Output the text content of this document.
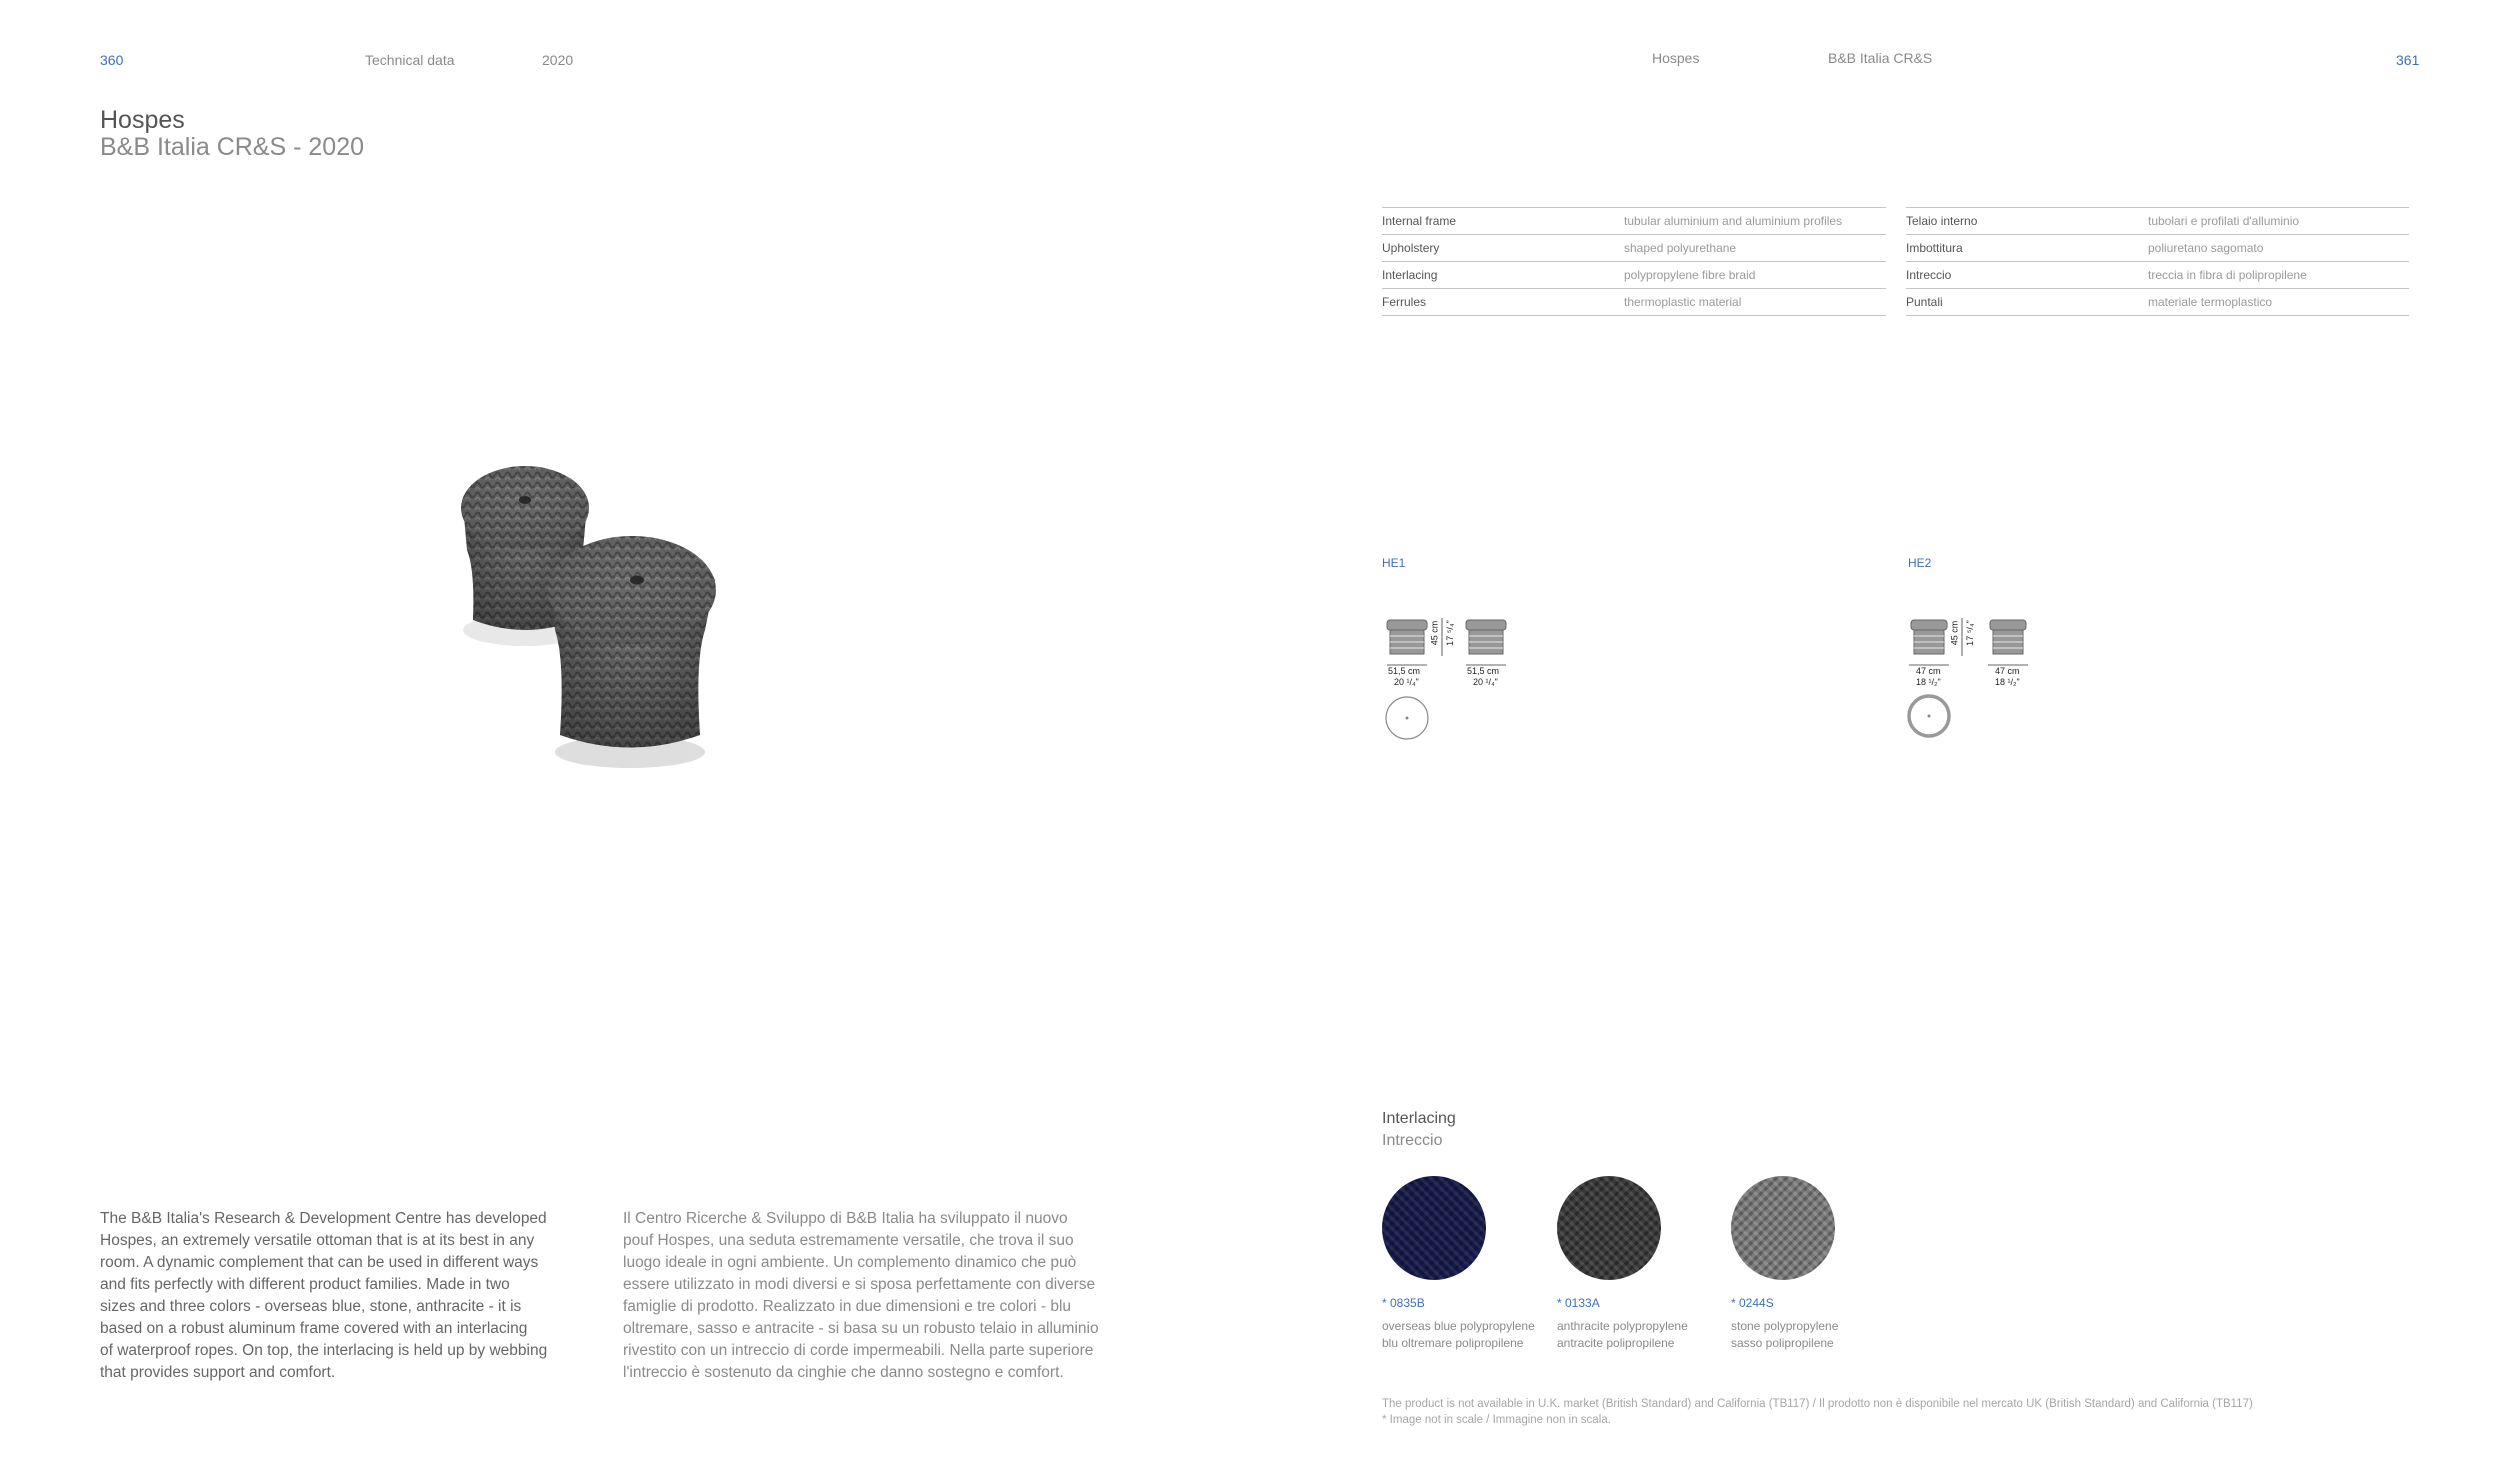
360	Technical data	2020	Hospes	B&B Italia CR&S	361
Hospes
B&B Italia CR&S - 2020
Internal frame	tubular aluminium and aluminium profiles
Upholstery	shaped polyurethane
Interlacing	polypropylene fibre braid
Ferrules	thermoplastic material
Telaio interno	tubolari e profilati d'alluminio
Imbottitura	poliuretano sagomato
Intreccio	treccia in fibra di polipropilene
Puntali	materiale termoplastico
HE1
51,5 cm
20 ¹/₄"
51,5 cm
20 ¹/₄"
45 cm 17 ⁵/₄"
HE2
47 cm
18 ¹/₂"
47 cm
18 ¹/₂"
45 cm 17 ⁵/₄"
Interlacing
Intreccio
* 0835B
overseas blue polypropylene
blu oltremare polipropilene
* 0133A
anthracite polypropylene
antracite polipropilene
* 0244S
stone polypropylene
sasso polipropilene
The B&B Italia's Research & Development Centre has developed
Hospes, an extremely versatile ottoman that is at its best in any
room. A dynamic complement that can be used in different ways
and fits perfectly with different product families. Made in two
sizes and three colors - overseas blue, stone, anthracite - it is
based on a robust aluminum frame covered with an interlacing
of waterproof ropes. On top, the interlacing is held up by webbing
that provides support and comfort.
Il Centro Ricerche & Sviluppo di B&B Italia ha sviluppato il nuovo
pouf Hospes, una seduta estremamente versatile, che trova il suo
luogo ideale in ogni ambiente. Un complemento dinamico che può
essere utilizzato in modi diversi e si sposa perfettamente con diverse
famiglie di prodotto. Realizzato in due dimensioni e tre colori - blu
oltremare, sasso e antracite - si basa su un robusto telaio in alluminio
rivestito con un intreccio di corde impermeabili. Nella parte superiore
l'intreccio è sostenuto da cinghie che danno sostegno e comfort.
The product is not available in U.K. market (British Standard) and California (TB117) / Il prodotto non è disponibile nel mercato UK (British Standard) and California (TB117)
* Image not in scale / Immagine non in scala.
